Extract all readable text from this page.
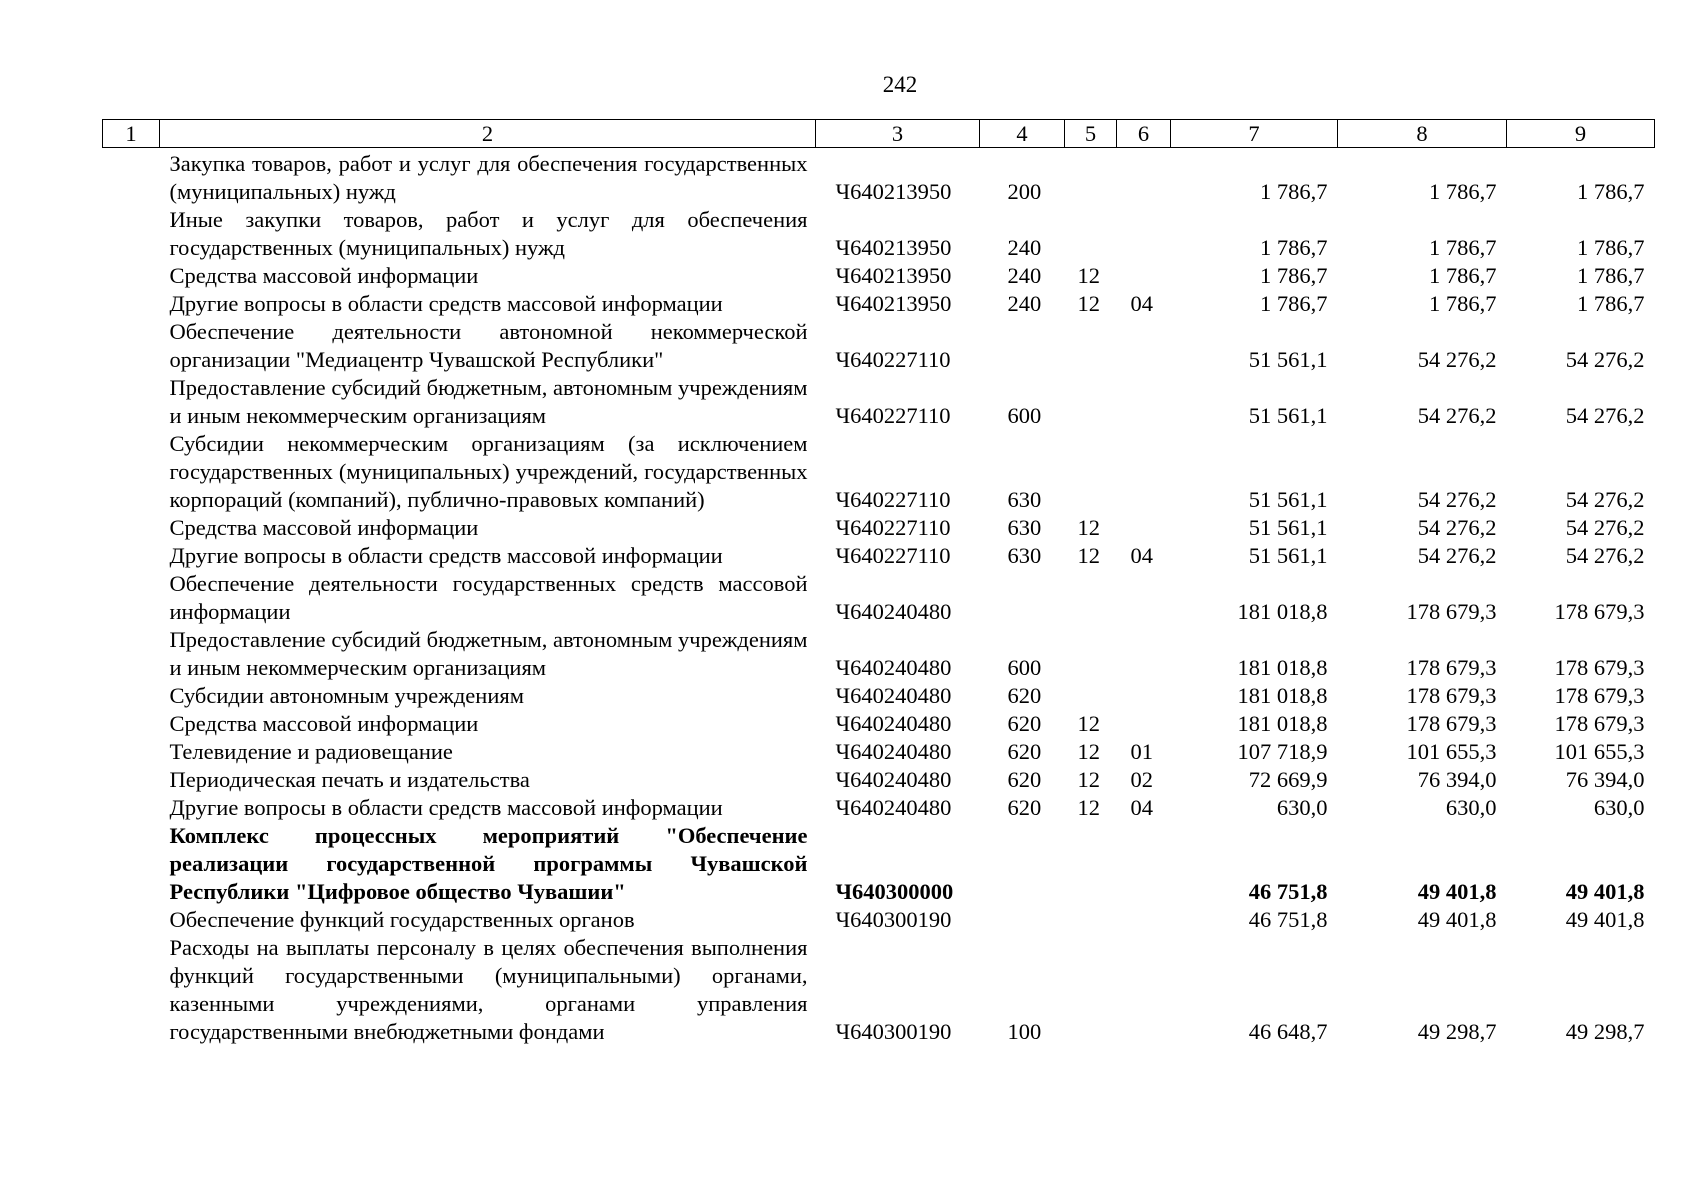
242
1	2	3	4	5	6	7	8	9
	Закупка товаров, работ и услуг для обеспечения государственных (муниципальных) нужд	Ч640213950	200			1 786,7	1 786,7	1 786,7
	Иные закупки товаров, работ и услуг для обеспечения государственных (муниципальных) нужд	Ч640213950	240			1 786,7	1 786,7	1 786,7
	Средства массовой информации	Ч640213950	240	12		1 786,7	1 786,7	1 786,7
	Другие вопросы в области средств массовой информации	Ч640213950	240	12	04	1 786,7	1 786,7	1 786,7
	Обеспечение деятельности автономной некоммерческой организации "Медиацентр Чувашской Республики"	Ч640227110				51 561,1	54 276,2	54 276,2
	Предоставление субсидий бюджетным, автономным учреждениям и иным некоммерческим организациям	Ч640227110	600			51 561,1	54 276,2	54 276,2
	Субсидии некоммерческим организациям (за исключением государственных (муниципальных) учреждений, государственных корпораций (компаний), публично-правовых компаний)	Ч640227110	630			51 561,1	54 276,2	54 276,2
	Средства массовой информации	Ч640227110	630	12		51 561,1	54 276,2	54 276,2
	Другие вопросы в области средств массовой информации	Ч640227110	630	12	04	51 561,1	54 276,2	54 276,2
	Обеспечение деятельности государственных средств массовой информации	Ч640240480				181 018,8	178 679,3	178 679,3
	Предоставление субсидий бюджетным, автономным учреждениям и иным некоммерческим организациям	Ч640240480	600			181 018,8	178 679,3	178 679,3
	Субсидии автономным учреждениям	Ч640240480	620			181 018,8	178 679,3	178 679,3
	Средства массовой информации	Ч640240480	620	12		181 018,8	178 679,3	178 679,3
	Телевидение и радиовещание	Ч640240480	620	12	01	107 718,9	101 655,3	101 655,3
	Периодическая печать и издательства	Ч640240480	620	12	02	72 669,9	76 394,0	76 394,0
	Другие вопросы в области средств массовой информации	Ч640240480	620	12	04	630,0	630,0	630,0
	Комплекс процессных мероприятий "Обеспечение реализации государственной программы Чувашской Республики "Цифровое общество Чувашии"	Ч640300000				46 751,8	49 401,8	49 401,8
	Обеспечение функций государственных органов	Ч640300190				46 751,8	49 401,8	49 401,8
	Расходы на выплаты персоналу в целях обеспечения выполнения функций государственными (муниципальными) органами, казенными учреждениями, органами управления государственными внебюджетными фондами	Ч640300190	100			46 648,7	49 298,7	49 298,7
